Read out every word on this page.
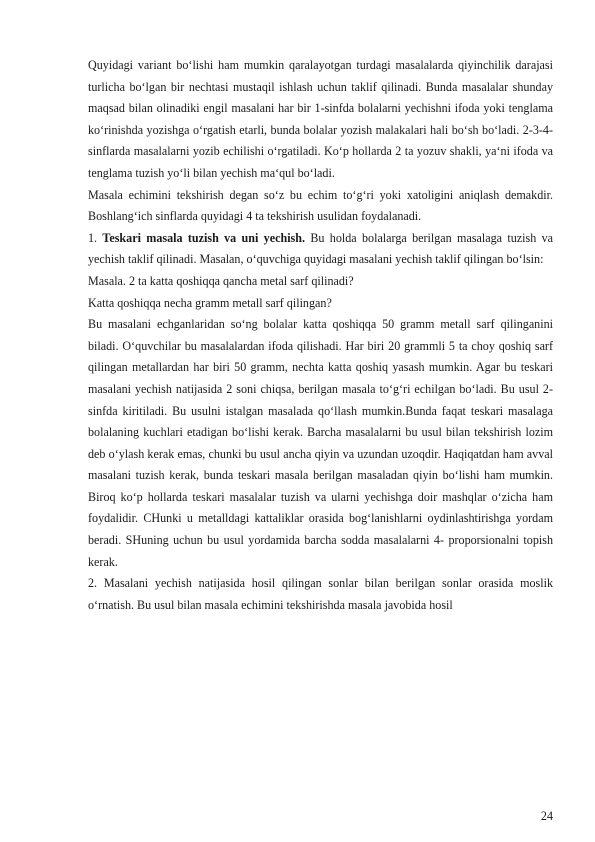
Quyidagi variant bo‘lishi ham mumkin qaralayotgan turdagi masalalarda qiyinchilik darajasi turlicha bo‘lgan bir nechtasi mustaqil ishlash uchun taklif qilinadi. Bunda masalalar shunday maqsad bilan olinadiki engil masalani har bir 1-sinfda bolalarni yechishni ifoda yoki tenglama ko‘rinishda yozishga o‘rgatish etarli, bunda bolalar yozish malakalari hali bo‘sh bo‘ladi. 2-3-4- sinflarda masalalarni yozib echilishi o‘rgatiladi. Ko‘p hollarda 2 ta yozuv shakli, ya‘ni ifoda va tenglama tuzish yo‘li bilan yechish ma‘qul bo‘ladi.

Masala echimini tekshirish degan so‘z bu echim to‘g‘ri yoki xatoligini aniqlash demakdir. Boshlang‘ich sinflarda quyidagi 4 ta tekshirish usulidan foydalanadi.

1. Teskari masala tuzish va uni yechish. Bu holda bolalarga berilgan masalaga tuzish va yechish taklif qilinadi. Masalan, o‘quvchiga quyidagi masalani yechish taklif qilingan bo‘lsin:

Masala. 2 ta katta qoshiqqa qancha metal sarf qilinadi?

Katta qoshiqqa necha gramm metall sarf qilingan?

Bu masalani echganlaridan so‘ng bolalar katta qoshiqqa 50 gramm metall sarf qilinganini biladi. O‘quvchilar bu masalalardan ifoda qilishadi. Har biri 20 grammli 5 ta choy qoshiq sarf qilingan metallardan har biri 50 gramm, nechta katta qoshiq yasash mumkin. Agar bu teskari masalani yechish natijasida 2 soni chiqsa, berilgan masala to‘g‘ri echilgan bo‘ladi. Bu usul 2- sinfda kiritiladi. Bu usulni istalgan masalada qo‘llash mumkin.Bunda faqat teskari masalaga bolalaning kuchlari etadigan bo‘lishi kerak. Barcha masalalarni bu usul bilan tekshirish lozim deb o‘ylash kerak emas, chunki bu usul ancha qiyin va uzundan uzoqdir. Haqiqatdan ham avval masalani tuzish kerak, bunda teskari masala berilgan masaladan qiyin bo‘lishi ham mumkin. Biroq ko‘p hollarda teskari masalalar tuzish va ularni yechishga doir mashqlar o‘zicha ham foydalidir. CHunki u metalldagi kattaliklar orasida bog‘lanishlarni oydinlashtirishga yordam beradi. SHuning uchun bu usul yordamida barcha sodda masalalarni 4- proporsionalni topish kerak.

2. Masalani yechish natijasida hosil qilingan sonlar bilan berilgan sonlar orasida moslik o‘rnatish. Bu usul bilan masala echimini tekshirishda masala javobida hosil

24
